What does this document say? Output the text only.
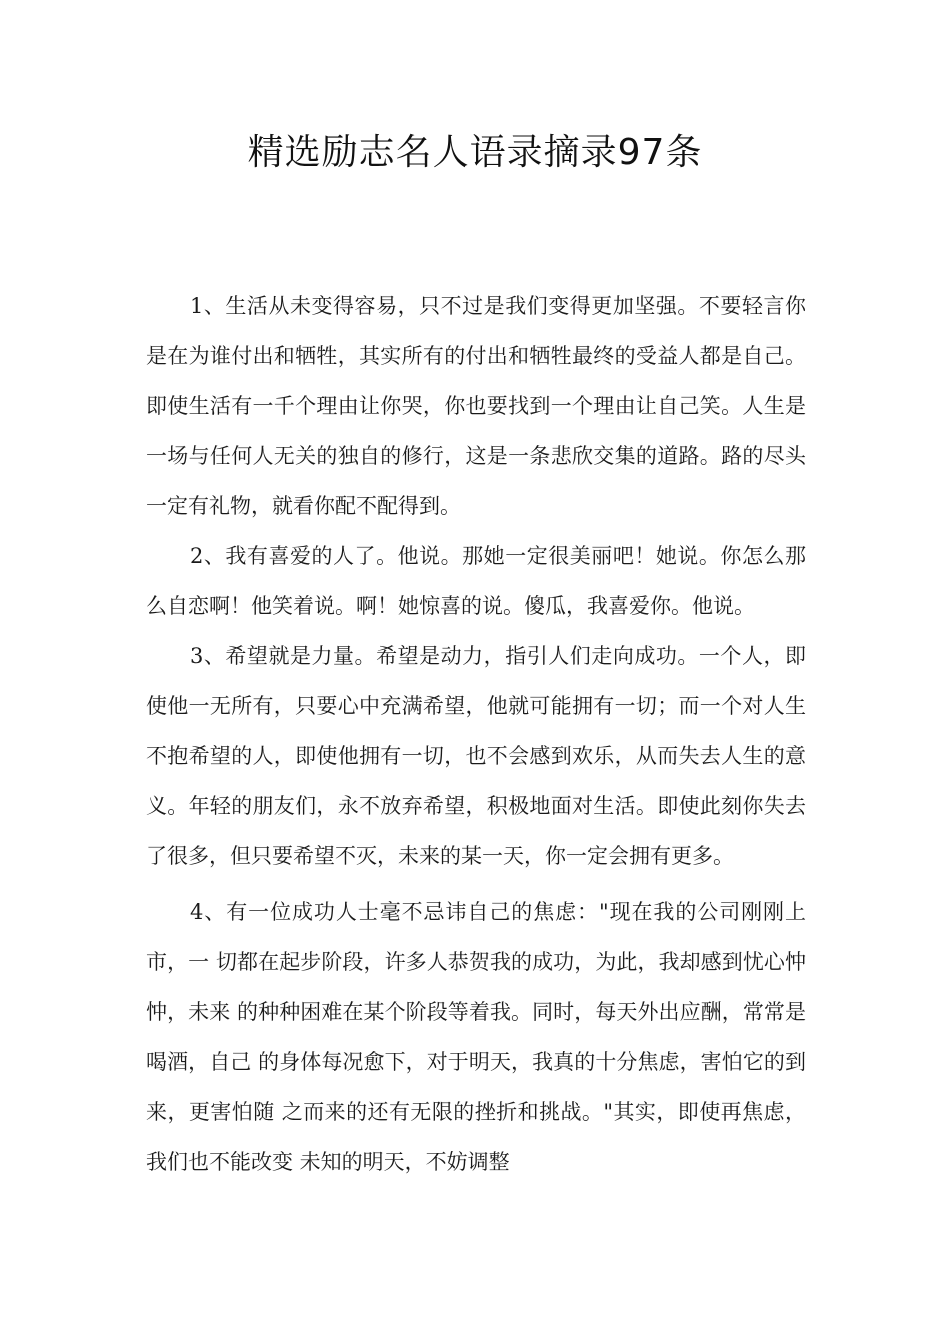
精选励志名人语录摘录97条

1、生活从未变得容易，只不过是我们变得更加坚强。不要轻言你是在为谁付出和牺牲，其实所有的付出和牺牲最终的受益人都是自己。即使生活有一千个理由让你哭，你也要找到一个理由让自己笑。人生是一场与任何人无关的独自的修行，这是一条悲欣交集的道路。路的尽头一定有礼物，就看你配不配得到。

2、我有喜爱的人了。他说。那她一定很美丽吧！她说。你怎么那么自恋啊！他笑着说。啊！她惊喜的说。傻瓜，我喜爱你。他说。

3、希望就是力量。希望是动力，指引人们走向成功。一个人，即使他一无所有，只要心中充满希望，他就可能拥有一切；而一个对人生不抱希望的人，即使他拥有一切，也不会感到欢乐，从而失去人生的意义。年轻的朋友们，永不放弃希望，积极地面对生活。即使此刻你失去了很多，但只要希望不灭，未来的某一天，你一定会拥有更多。

4、有一位成功人士毫不忌讳自己的焦虑："现在我的公司刚刚上市，一 切都在起步阶段，许多人恭贺我的成功，为此，我却感到忧心忡忡，未来 的种种困难在某个阶段等着我。同时，每天外出应酬，常常是喝酒，自己 的身体每况愈下，对于明天，我真的十分焦虑，害怕它的到来，更害怕随 之而来的还有无限的挫折和挑战。"其实，即使再焦虑，我们也不能改变 未知的明天，不妨调整
